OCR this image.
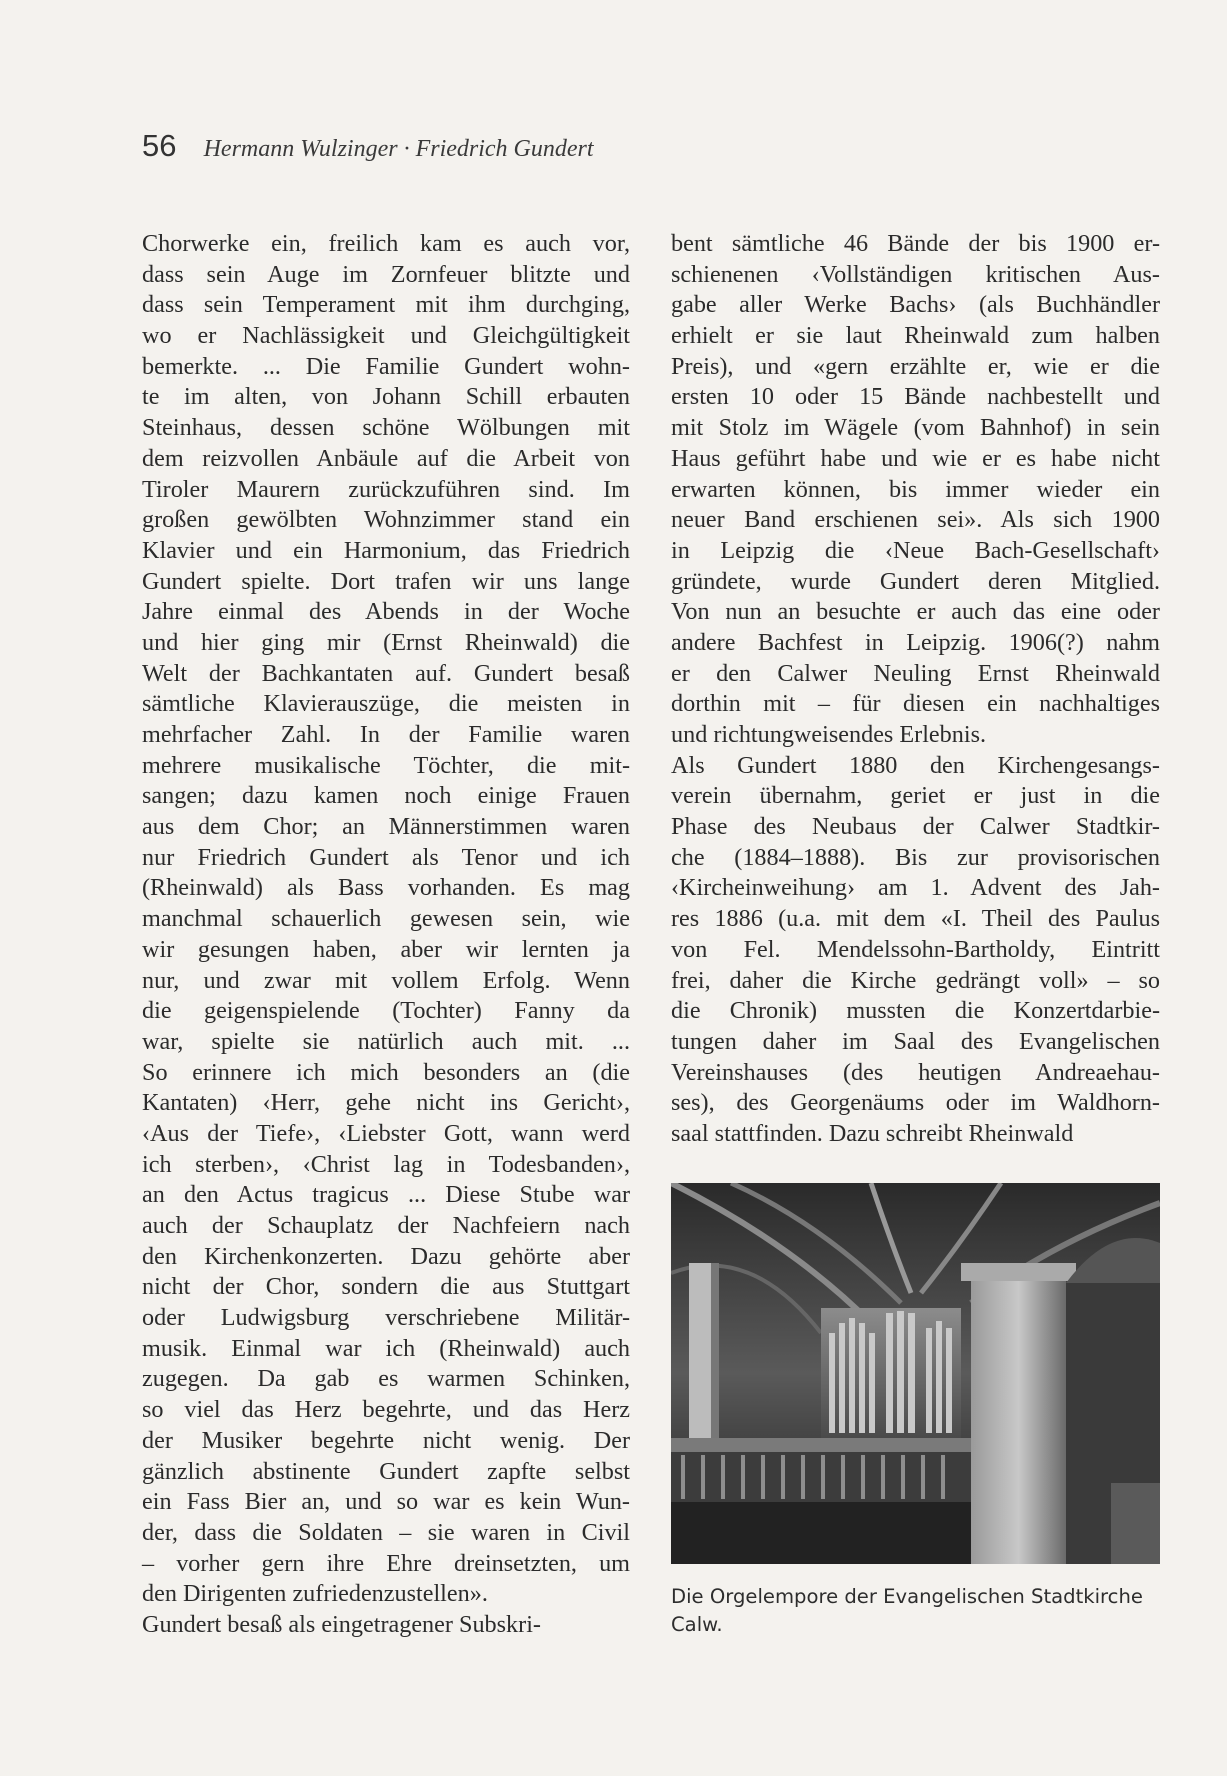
56 Hermann Wulzinger · Friedrich Gundert
Chorwerke ein, freilich kam es auch vor,
dass sein Auge im Zornfeuer blitzte und
dass sein Temperament mit ihm durchging,
wo er Nachlässigkeit und Gleichgültigkeit
bemerkte. ... Die Familie Gundert wohn-
te im alten, von Johann Schill erbauten
Steinhaus, dessen schöne Wölbungen mit
dem reizvollen Anbäule auf die Arbeit von
Tiroler Maurern zurückzuführen sind. Im
großen gewölbten Wohnzimmer stand ein
Klavier und ein Harmonium, das Friedrich
Gundert spielte. Dort trafen wir uns lange
Jahre einmal des Abends in der Woche
und hier ging mir (Ernst Rheinwald) die
Welt der Bachkantaten auf. Gundert besaß
sämtliche Klavierauszüge, die meisten in
mehrfacher Zahl. In der Familie waren
mehrere musikalische Töchter, die mit-
sangen; dazu kamen noch einige Frauen
aus dem Chor; an Männerstimmen waren
nur Friedrich Gundert als Tenor und ich
(Rheinwald) als Bass vorhanden. Es mag
manchmal schauerlich gewesen sein, wie
wir gesungen haben, aber wir lernten ja
nur, und zwar mit vollem Erfolg. Wenn
die geigenspielende (Tochter) Fanny da
war, spielte sie natürlich auch mit. ...
So erinnere ich mich besonders an (die
Kantaten) ‹Herr, gehe nicht ins Gericht›,
‹Aus der Tiefe›, ‹Liebster Gott, wann werd
ich sterben›, ‹Christ lag in Todesbanden›,
an den Actus tragicus ... Diese Stube war
auch der Schauplatz der Nachfeiern nach
den Kirchenkonzerten. Dazu gehörte aber
nicht der Chor, sondern die aus Stuttgart
oder Ludwigsburg verschriebene Militär-
musik. Einmal war ich (Rheinwald) auch
zugegen. Da gab es warmen Schinken,
so viel das Herz begehrte, und das Herz
der Musiker begehrte nicht wenig. Der
gänzlich abstinente Gundert zapfte selbst
ein Fass Bier an, und so war es kein Wun-
der, dass die Soldaten – sie waren in Civil
– vorher gern ihre Ehre dreinsetzten, um
den Dirigenten zufriedenzustellen».
Gundert besaß als eingetragener Subskri-
bent sämtliche 46 Bände der bis 1900 er-
schienenen ‹Vollständigen kritischen Aus-
gabe aller Werke Bachs› (als Buchhändler
erhielt er sie laut Rheinwald zum halben
Preis), und «gern erzählte er, wie er die
ersten 10 oder 15 Bände nachbestellt und
mit Stolz im Wägele (vom Bahnhof) in sein
Haus geführt habe und wie er es habe nicht
erwarten können, bis immer wieder ein
neuer Band erschienen sei». Als sich 1900
in Leipzig die ‹Neue Bach-Gesellschaft›
gründete, wurde Gundert deren Mitglied.
Von nun an besuchte er auch das eine oder
andere Bachfest in Leipzig. 1906(?) nahm
er den Calwer Neuling Ernst Rheinwald
dorthin mit – für diesen ein nachhaltiges
und richtungweisendes Erlebnis.
Als Gundert 1880 den Kirchengesangs-
verein übernahm, geriet er just in die
Phase des Neubaus der Calwer Stadtkir-
che (1884–1888). Bis zur provisorischen
‹Kircheinweihung› am 1. Advent des Jah-
res 1886 (u.a. mit dem «I. Theil des Paulus
von Fel. Mendelssohn-Bartholdy, Eintritt
frei, daher die Kirche gedrängt voll» – so
die Chronik) mussten die Konzertdarbie-
tungen daher im Saal des Evangelischen
Vereinshauses (des heutigen Andreaehau-
ses), des Georgenäums oder im Waldhorn-
saal stattfinden. Dazu schreibt Rheinwald
Die Orgelempore der Evangelischen Stadtkirche Calw.
